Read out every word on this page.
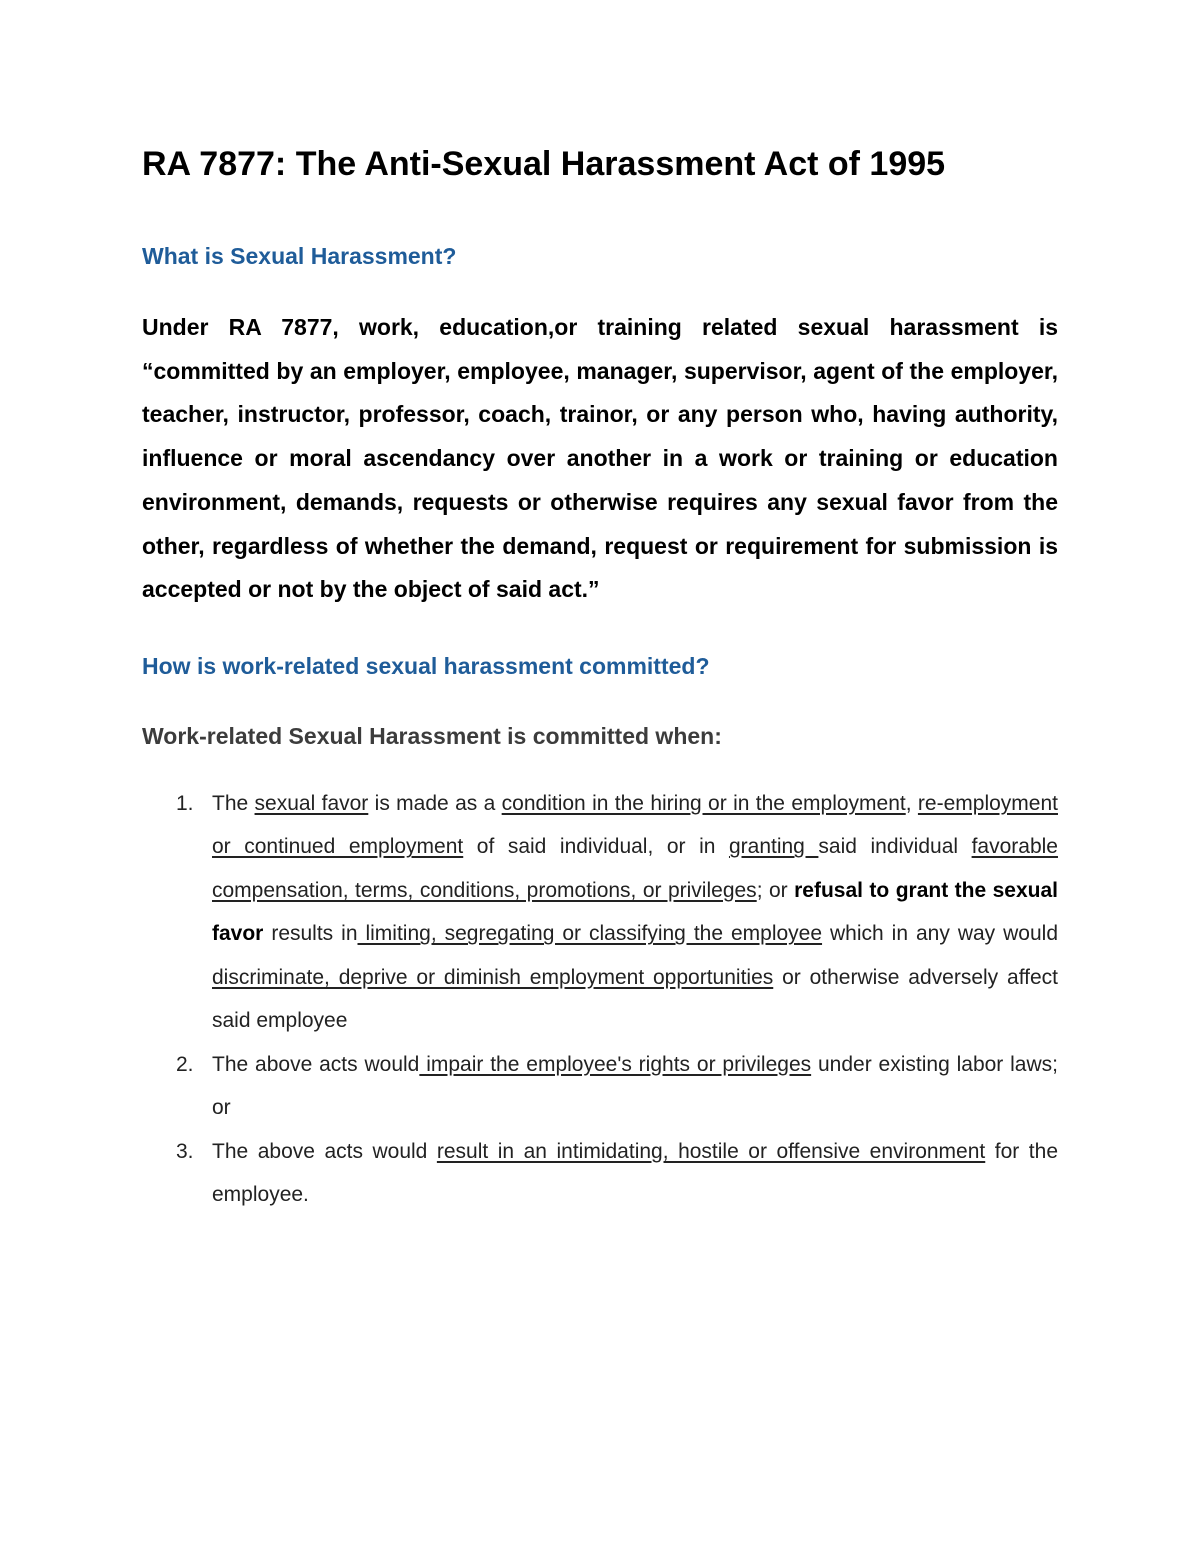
RA 7877: The Anti-Sexual Harassment Act of 1995
What is Sexual Harassment?

Under RA 7877, work, education,or training related sexual harassment is “committed by an employer, employee, manager, supervisor, agent of the employer, teacher, instructor, professor, coach, trainor, or any person who, having authority, influence or moral ascendancy over another in a work or training or education environment, demands, requests or otherwise requires any sexual favor from the other, regardless of whether the demand, request or requirement for submission is accepted or not by the object of said act.”

How is work-related sexual harassment committed?
Work-related Sexual Harassment is committed when:
1. The sexual favor is made as a condition in the hiring or in the employment, re-employment or continued employment of said individual, or in granting said individual favorable compensation, terms, conditions, promotions, or privileges; or refusal to grant the sexual favor results in limiting, segregating or classifying the employee which in any way would discriminate, deprive or diminish employment opportunities or otherwise adversely affect said employee
2. The above acts would impair the employee's rights or privileges under existing labor laws; or
3. The above acts would result in an intimidating, hostile or offensive environment for the employee.
